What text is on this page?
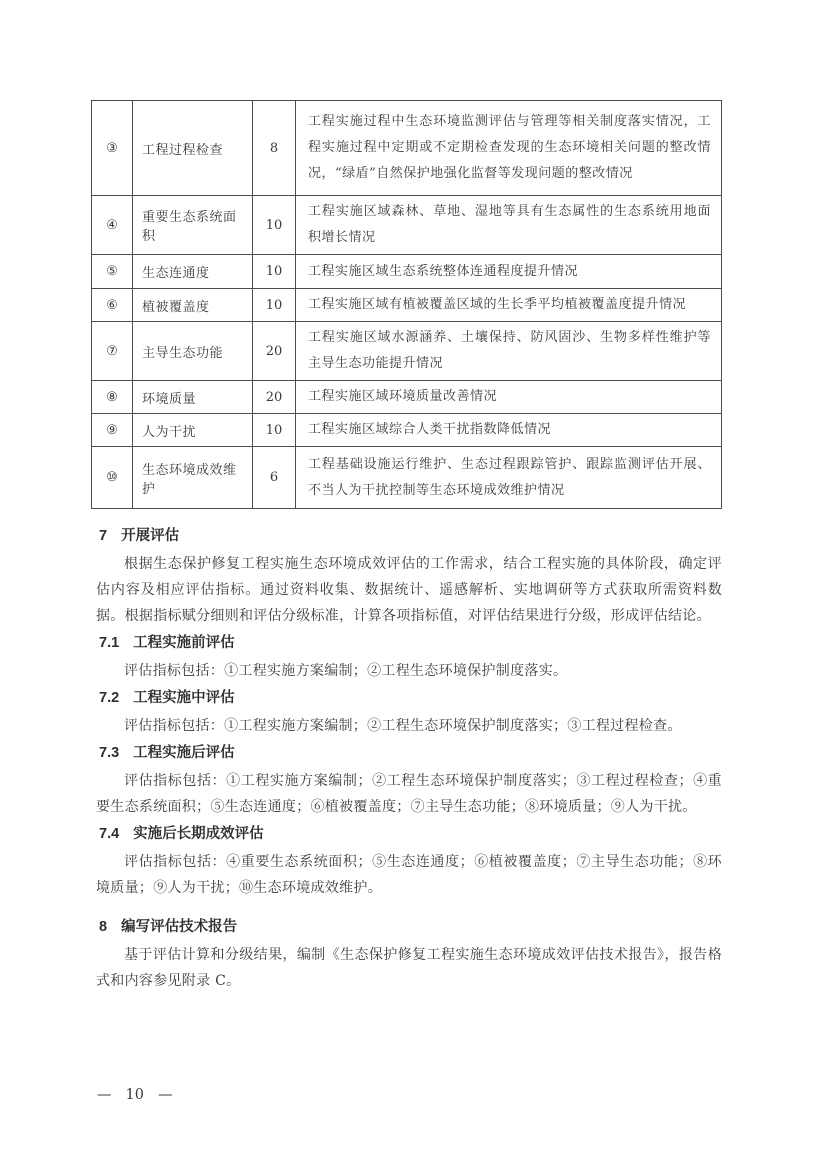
③	工程过程检查	8	工程实施过程中生态环境监测评估与管理等相关制度落实情况，工程实施过程中定期或不定期检查发现的生态环境相关问题的整改情况，“绿盾”自然保护地强化监督等发现问题的整改情况
④	重要生态系统面积	10	工程实施区域森林、草地、湿地等具有生态属性的生态系统用地面积增长情况
⑤	生态连通度	10	工程实施区域生态系统整体连通程度提升情况
⑥	植被覆盖度	10	工程实施区域有植被覆盖区域的生长季平均植被覆盖度提升情况
⑦	主导生态功能	20	工程实施区域水源涵养、土壤保持、防风固沙、生物多样性维护等主导生态功能提升情况
⑧	环境质量	20	工程实施区域环境质量改善情况
⑨	人为干扰	10	工程实施区域综合人类干扰指数降低情况
⑩	生态环境成效维护	6	工程基础设施运行维护、生态过程跟踪管护、跟踪监测评估开展、不当人为干扰控制等生态环境成效维护情况
7 开展评估

根据生态保护修复工程实施生态环境成效评估的工作需求，结合工程实施的具体阶段，确定评估内容及相应评估指标。通过资料收集、数据统计、遥感解析、实地调研等方式获取所需资料数据。根据指标赋分细则和评估分级标准，计算各项指标值，对评估结果进行分级，形成评估结论。

7.1 工程实施前评估

评估指标包括：①工程实施方案编制；②工程生态环境保护制度落实。

7.2 工程实施中评估

评估指标包括：①工程实施方案编制；②工程生态环境保护制度落实；③工程过程检查。

7.3 工程实施后评估

评估指标包括：①工程实施方案编制；②工程生态环境保护制度落实；③工程过程检查；④重要生态系统面积；⑤生态连通度；⑥植被覆盖度；⑦主导生态功能；⑧环境质量；⑨人为干扰。

7.4 实施后长期成效评估

评估指标包括：④重要生态系统面积；⑤生态连通度；⑥植被覆盖度；⑦主导生态功能；⑧环境质量；⑨人为干扰；⑩生态环境成效维护。

8 编写评估技术报告

基于评估计算和分级结果，编制《生态保护修复工程实施生态环境成效评估技术报告》，报告格式和内容参见附录 C。

— 10 —
